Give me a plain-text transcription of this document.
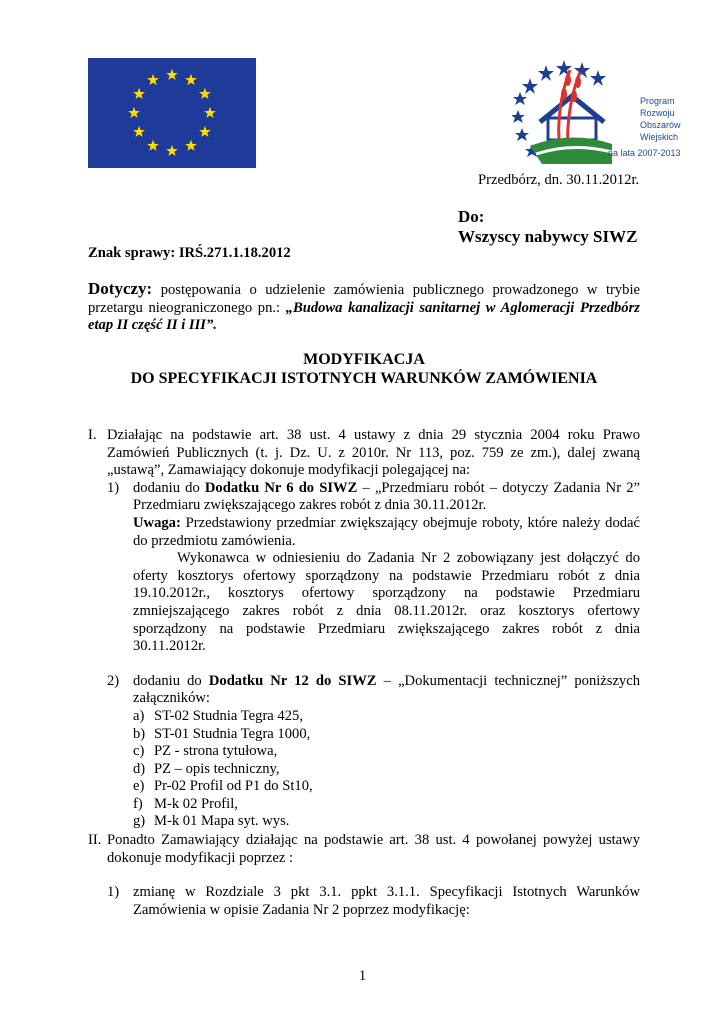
Program
Rozwoju
Obszarów
Wiejskich
na lata 2007-2013
Przedbórz, dn. 30.11.2012r.
Do:
Wszyscy nabywcy SIWZ
Znak sprawy: IRŚ.271.1.18.2012
Dotyczy: postępowania o udzielenie zamówienia publicznego prowadzonego w trybie przetargu nieograniczonego pn.: „Budowa kanalizacji sanitarnej w Aglomeracji Przedbórz etap II część II i III”.
MODYFIKACJA
DO SPECYFIKACJI ISTOTNYCH WARUNKÓW ZAMÓWIENIA
I. Działając na podstawie art. 38 ust. 4 ustawy z dnia 29 stycznia 2004 roku Prawo Zamówień Publicznych (t. j. Dz. U. z 2010r. Nr 113, poz. 759 ze zm.), dalej zwaną „ustawą”, Zamawiający dokonuje modyfikacji polegającej na:
1) dodaniu do Dodatku Nr 6 do SIWZ – „Przedmiaru robót – dotyczy Zadania Nr 2” Przedmiaru zwiększającego zakres robót z dnia 30.11.2012r.
Uwaga: Przedstawiony przedmiar zwiększający obejmuje roboty, które należy dodać do przedmiotu zamówienia.
Wykonawca w odniesieniu do Zadania Nr 2 zobowiązany jest dołączyć do oferty kosztorys ofertowy sporządzony na podstawie Przedmiaru robót z dnia 19.10.2012r., kosztorys ofertowy sporządzony na podstawie Przedmiaru zmniejszającego zakres robót z dnia 08.11.2012r. oraz kosztorys ofertowy sporządzony na podstawie Przedmiaru zwiększającego zakres robót z dnia 30.11.2012r.
2) dodaniu do Dodatku Nr 12 do SIWZ – „Dokumentacji technicznej” poniższych załączników:
a) ST-02 Studnia Tegra 425,
b) ST-01 Studnia Tegra 1000,
c) PZ - strona tytułowa,
d) PZ – opis techniczny,
e) Pr-02 Profil od P1 do St10,
f) M-k 02 Profil,
g) M-k 01 Mapa syt. wys.
II. Ponadto Zamawiający działając na podstawie art. 38 ust. 4 powołanej powyżej ustawy dokonuje modyfikacji poprzez :
1) zmianę w Rozdziale 3 pkt 3.1. ppkt 3.1.1. Specyfikacji Istotnych Warunków Zamówienia w opisie Zadania Nr 2 poprzez modyfikację:
1
